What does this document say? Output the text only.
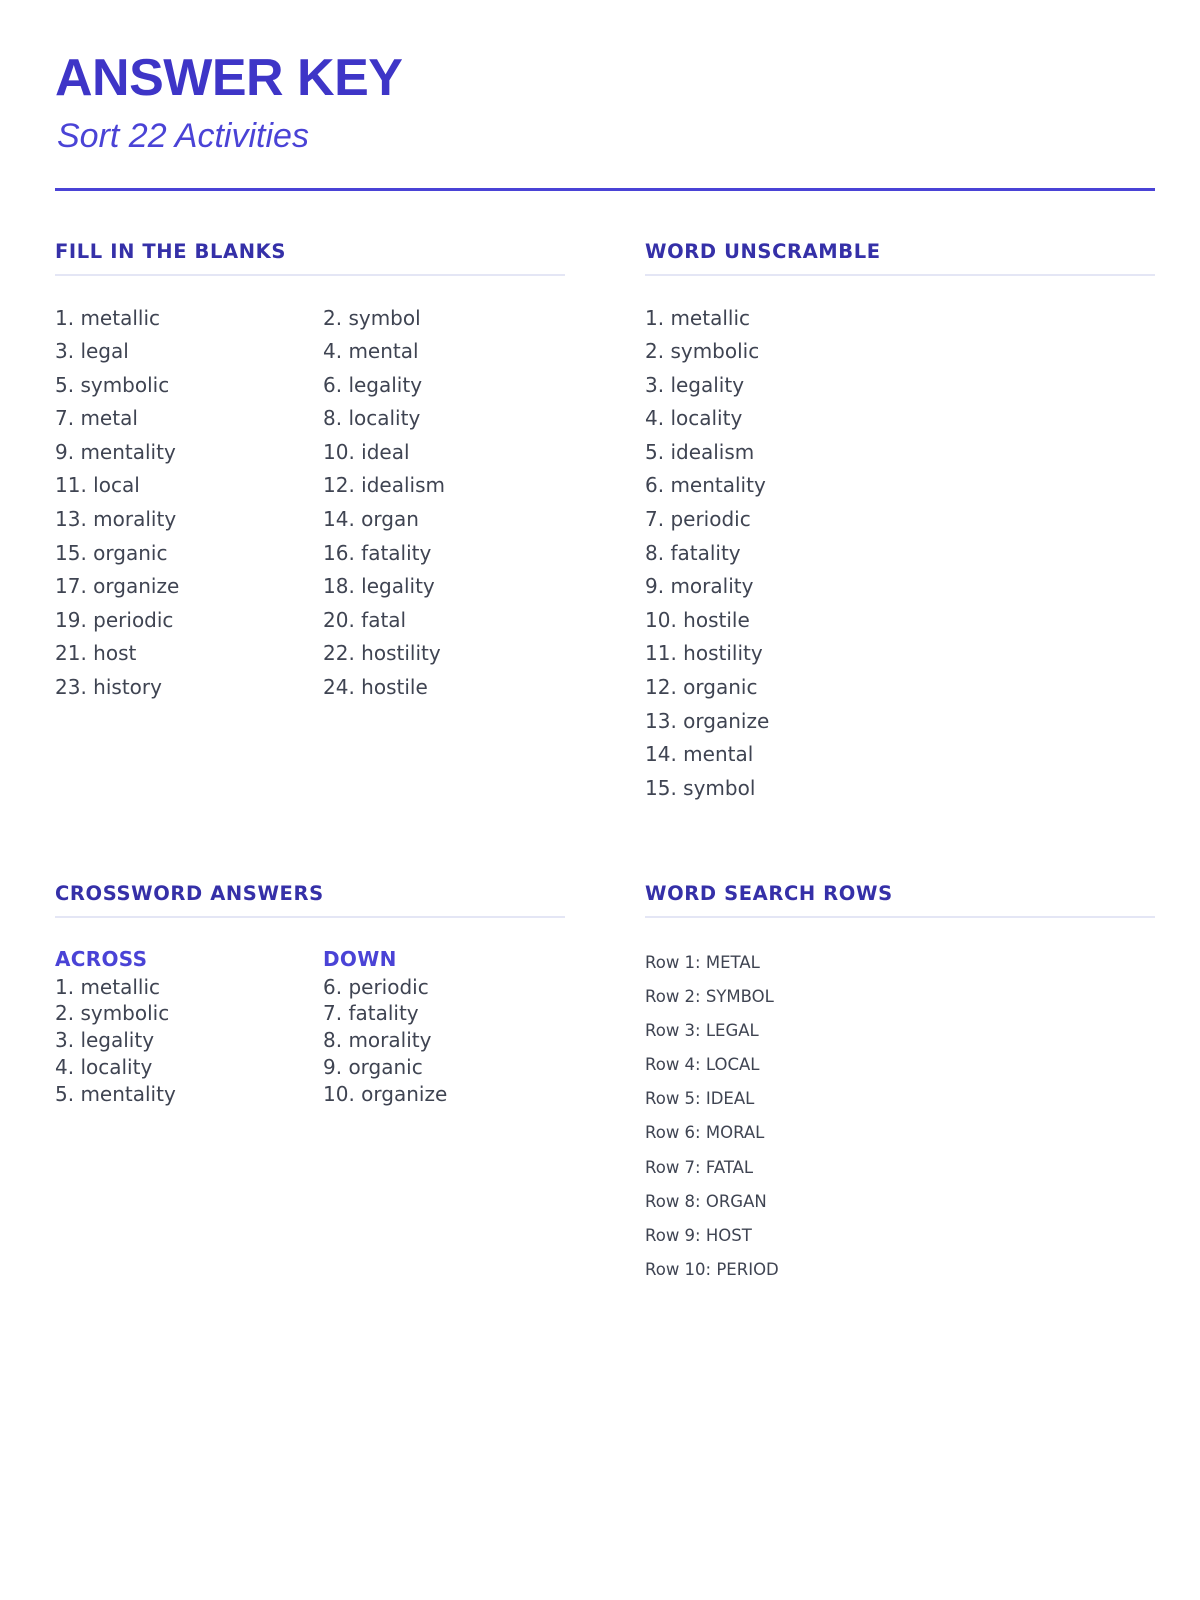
ANSWER KEY
Sort 22 Activities
FILL IN THE BLANKS
1. metallic	2. symbol
3. legal	4. mental
5. symbolic	6. legality
7. metal	8. locality
9. mentality	10. ideal
11. local	12. idealism
13. morality	14. organ
15. organic	16. fatality
17. organize	18. legality
19. periodic	20. fatal
21. host	22. hostility
23. history	24. hostile
WORD UNSCRAMBLE
1. metallic
2. symbolic
3. legality
4. locality
5. idealism
6. mentality
7. periodic
8. fatality
9. morality
10. hostile
11. hostility
12. organic
13. organize
14. mental
15. symbol
CROSSWORD ANSWERS
ACROSS
1. metallic
2. symbolic
3. legality
4. locality
5. mentality
DOWN
6. periodic
7. fatality
8. morality
9. organic
10. organize
WORD SEARCH ROWS
Row 1: METAL
Row 2: SYMBOL
Row 3: LEGAL
Row 4: LOCAL
Row 5: IDEAL
Row 6: MORAL
Row 7: FATAL
Row 8: ORGAN
Row 9: HOST
Row 10: PERIOD
